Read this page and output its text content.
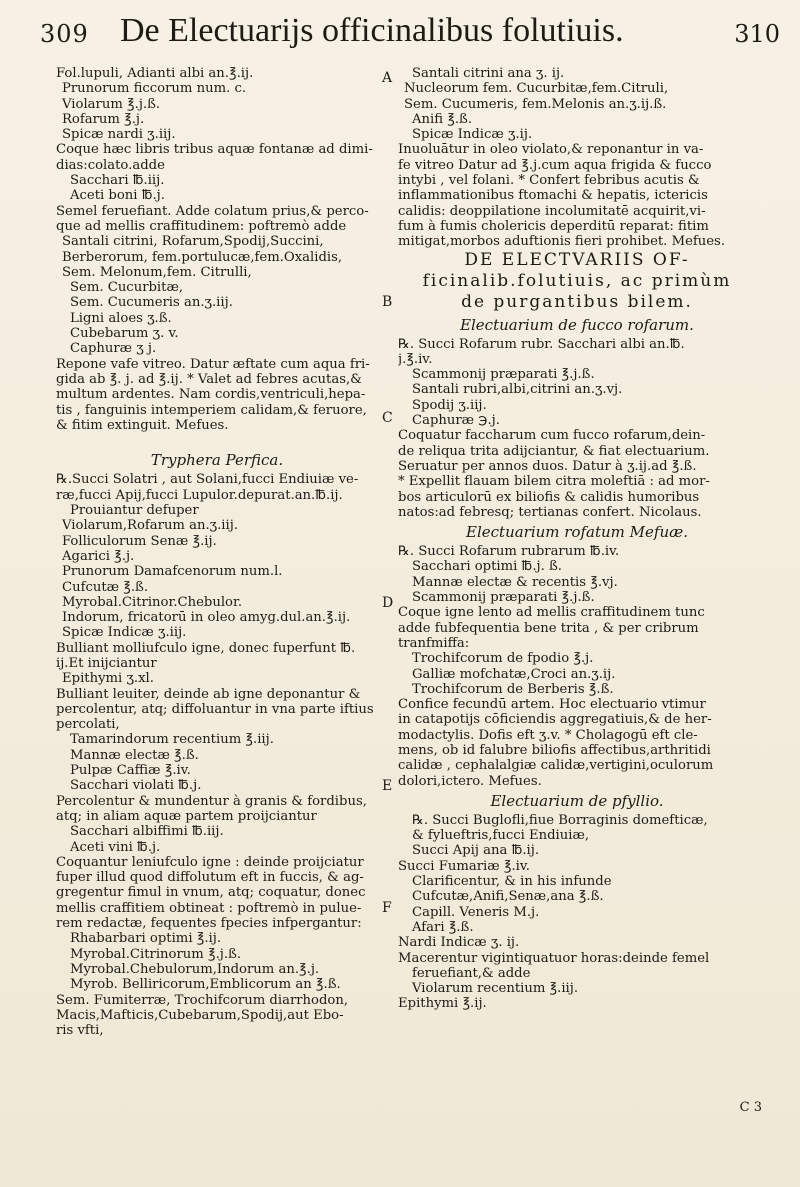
309 De Electuarijs officinalibus folutiuis.	310
Fol.lupuli, Adianti albi an.℥.ij.
Prunorum ficcorum num. c.
Violarum ℥.j.ß.
Rofarum ℥.j.
Spicæ nardi ʒ.iij.
Coque hæc libris tribus aquæ fontanæ ad dimi-
dias:colato.adde
Sacchari ℔.iij.
Aceti boni ℔.j.
Semel feruefiant. Adde colatum prius,& perco-
que ad mellis craffitudinem: poftremò adde
Santali citrini, Rofarum,Spodij,Succini,
Berberorum, fem.portulucæ,fem.Oxalidis,
Sem. Melonum,fem. Citrulli,
Sem. Cucurbitæ,
Sem. Cucumeris an.ʒ.iij.
Ligni aloes ʒ.ß.
Cubebarum ʒ. v.
Caphuræ ʒ j.
Repone vafe vitreo. Datur æftate cum aqua fri-
gida ab ℥. j. ad ℥.ij. * Valet ad febres acutas,&
multum ardentes. Nam cordis,ventriculi,hepa-
tis , fanguinis intemperiem calidam,& feruore,
& fitim extinguit. Mefues.

Tryphera Perfica.
℞.Succi Solatri , aut Solani,fucci Endiuiæ ve-
ræ,fucci Apij,fucci Lupulor.depurat.an.℔.ij.
Prouiantur defuper
Violarum,Rofarum an.ʒ.iij.
Folliculorum Senæ ℥.ij.
Agarici ℥.j.
Prunorum Damafcenorum num.l.
Cufcutæ ℥.ß.
Myrobal.Citrinor.Chebulor.
Indorum, fricatorū in oleo amyg.dul.an.℥.ij.
Spicæ Indicæ ʒ.iij.
Bulliant molliufculo igne, donec fuperfunt ℔.
ij.Et inijciantur
Epithymi ʒ.xl.
Bulliant leuiter, deinde ab igne deponantur &
percolentur, atq; diffoluantur in vna parte iftius
percolati,
Tamarindorum recentium ℥.iij.
Mannæ electæ ℥.ß.
Pulpæ Caffiæ ℥.iv.
Sacchari violati ℔.j.
Percolentur & mundentur à granis & fordibus,
atq; in aliam aquæ partem proijciantur
Sacchari albiffimi ℔.iij.
Aceti vini ℔.j.
Coquantur leniufculo igne : deinde proijciatur
fuper illud quod diffolutum eft in fuccis, & ag-
gregentur fimul in vnum, atq; coquatur, donec
mellis craffitiem obtineat : poftremò in pulue-
rem redactæ, fequentes fpecies infpergantur:
Rhabarbari optimi ℥.ij.
Myrobal.Citrinorum ℥.j.ß.
Myrobal.Chebulorum,Indorum an.℥.j.
Myrob. Belliricorum,Emblicorum an ℥.ß.
Sem. Fumiterræ, Trochifcorum diarrhodon,
Macis,Mafticis,Cubebarum,Spodij,aut Ebo-
ris vfti,
Santali citrini ana ʒ. ij.
Nucleorum fem. Cucurbitæ,fem.Citruli,
Sem. Cucumeris, fem.Melonis an.ʒ.ij.ß.
Anifi ℥.ß.
Spicæ Indicæ ʒ.ij.
Inuoluātur in oleo violato,& reponantur in va-
fe vitreo Datur ad ℥.j.cum aqua frigida & fucco
intybi , vel folani. * Confert febribus acutis &
inflammationibus ftomachi & hepatis, ictericis
calidis: deoppilatione incolumitatē acquirit,vi-
fum à fumis cholericis deperditū reparat: fitim
mitigat,morbos aduftionis fieri prohibet. Mefues.
DE ELECTVARIIS OF-
ficinalib.folutiuis, ac primùm
de purgantibus bilem.
Electuarium de fucco rofarum.
℞. Succi Rofarum rubr. Sacchari albi an.℔.
j.℥.iv.
Scammonij præparati ℥.j.ß.
Santali rubri,albi,citrini an.ʒ.vj.
Spodij ʒ.iij.
Caphuræ ℈.j.
Coquatur faccharum cum fucco rofarum,dein-
de reliqua trita adijciantur, & fiat electuarium.
Seruatur per annos duos. Datur à ʒ.ij.ad ℥.ß.
* Expellit flauam bilem citra moleftiā : ad mor-
bos articulorū ex biliofis & calidis humoribus
natos:ad febresq; tertianas confert. Nicolaus.
Electuarium rofatum Mefuæ.
℞. Succi Rofarum rubrarum ℔.iv.
Sacchari optimi ℔.j. ß.
Mannæ electæ & recentis ℥.vj.
Scammonij præparati ℥.j.ß.
Coque igne lento ad mellis craffitudinem tunc
adde fubfequentia bene trita , & per cribrum
tranfmiffa:
Trochifcorum de fpodio ℥.j.
Galliæ mofchatæ,Croci an.ʒ.ij.
Trochifcorum de Berberis ℥.ß.
Confice fecundū artem. Hoc electuario vtimur
in catapotijs cōficiendis aggregatiuis,& de her-
modactylis. Dofis eft ʒ.v. * Cholagogū eft cle-
mens, ob id falubre biliofis affectibus,arthritidi
calidæ , cephalalgiæ calidæ,vertigini,oculorum
dolori,ictero. Mefues.
Electuarium de pfyllio.
℞. Succi Buglofli,fiue Borraginis domefticæ,
& fylueftris,fucci Endiuiæ,
Succi Apij ana ℔.ij.
Succi Fumariæ ℥.iv.
Clarificentur, & in his infunde
Cufcutæ,Anifi,Senæ,ana ℥.ß.
Capill. Veneris M.j.
Afari ℥.ß.
Nardi Indicæ ʒ. ij.
Macerentur vigintiquatuor horas:deinde femel
feruefiant,& adde
Violarum recentium ℥.iij.
Epithymi ℥.ij.
A
B
C
D
E
F
C 3
